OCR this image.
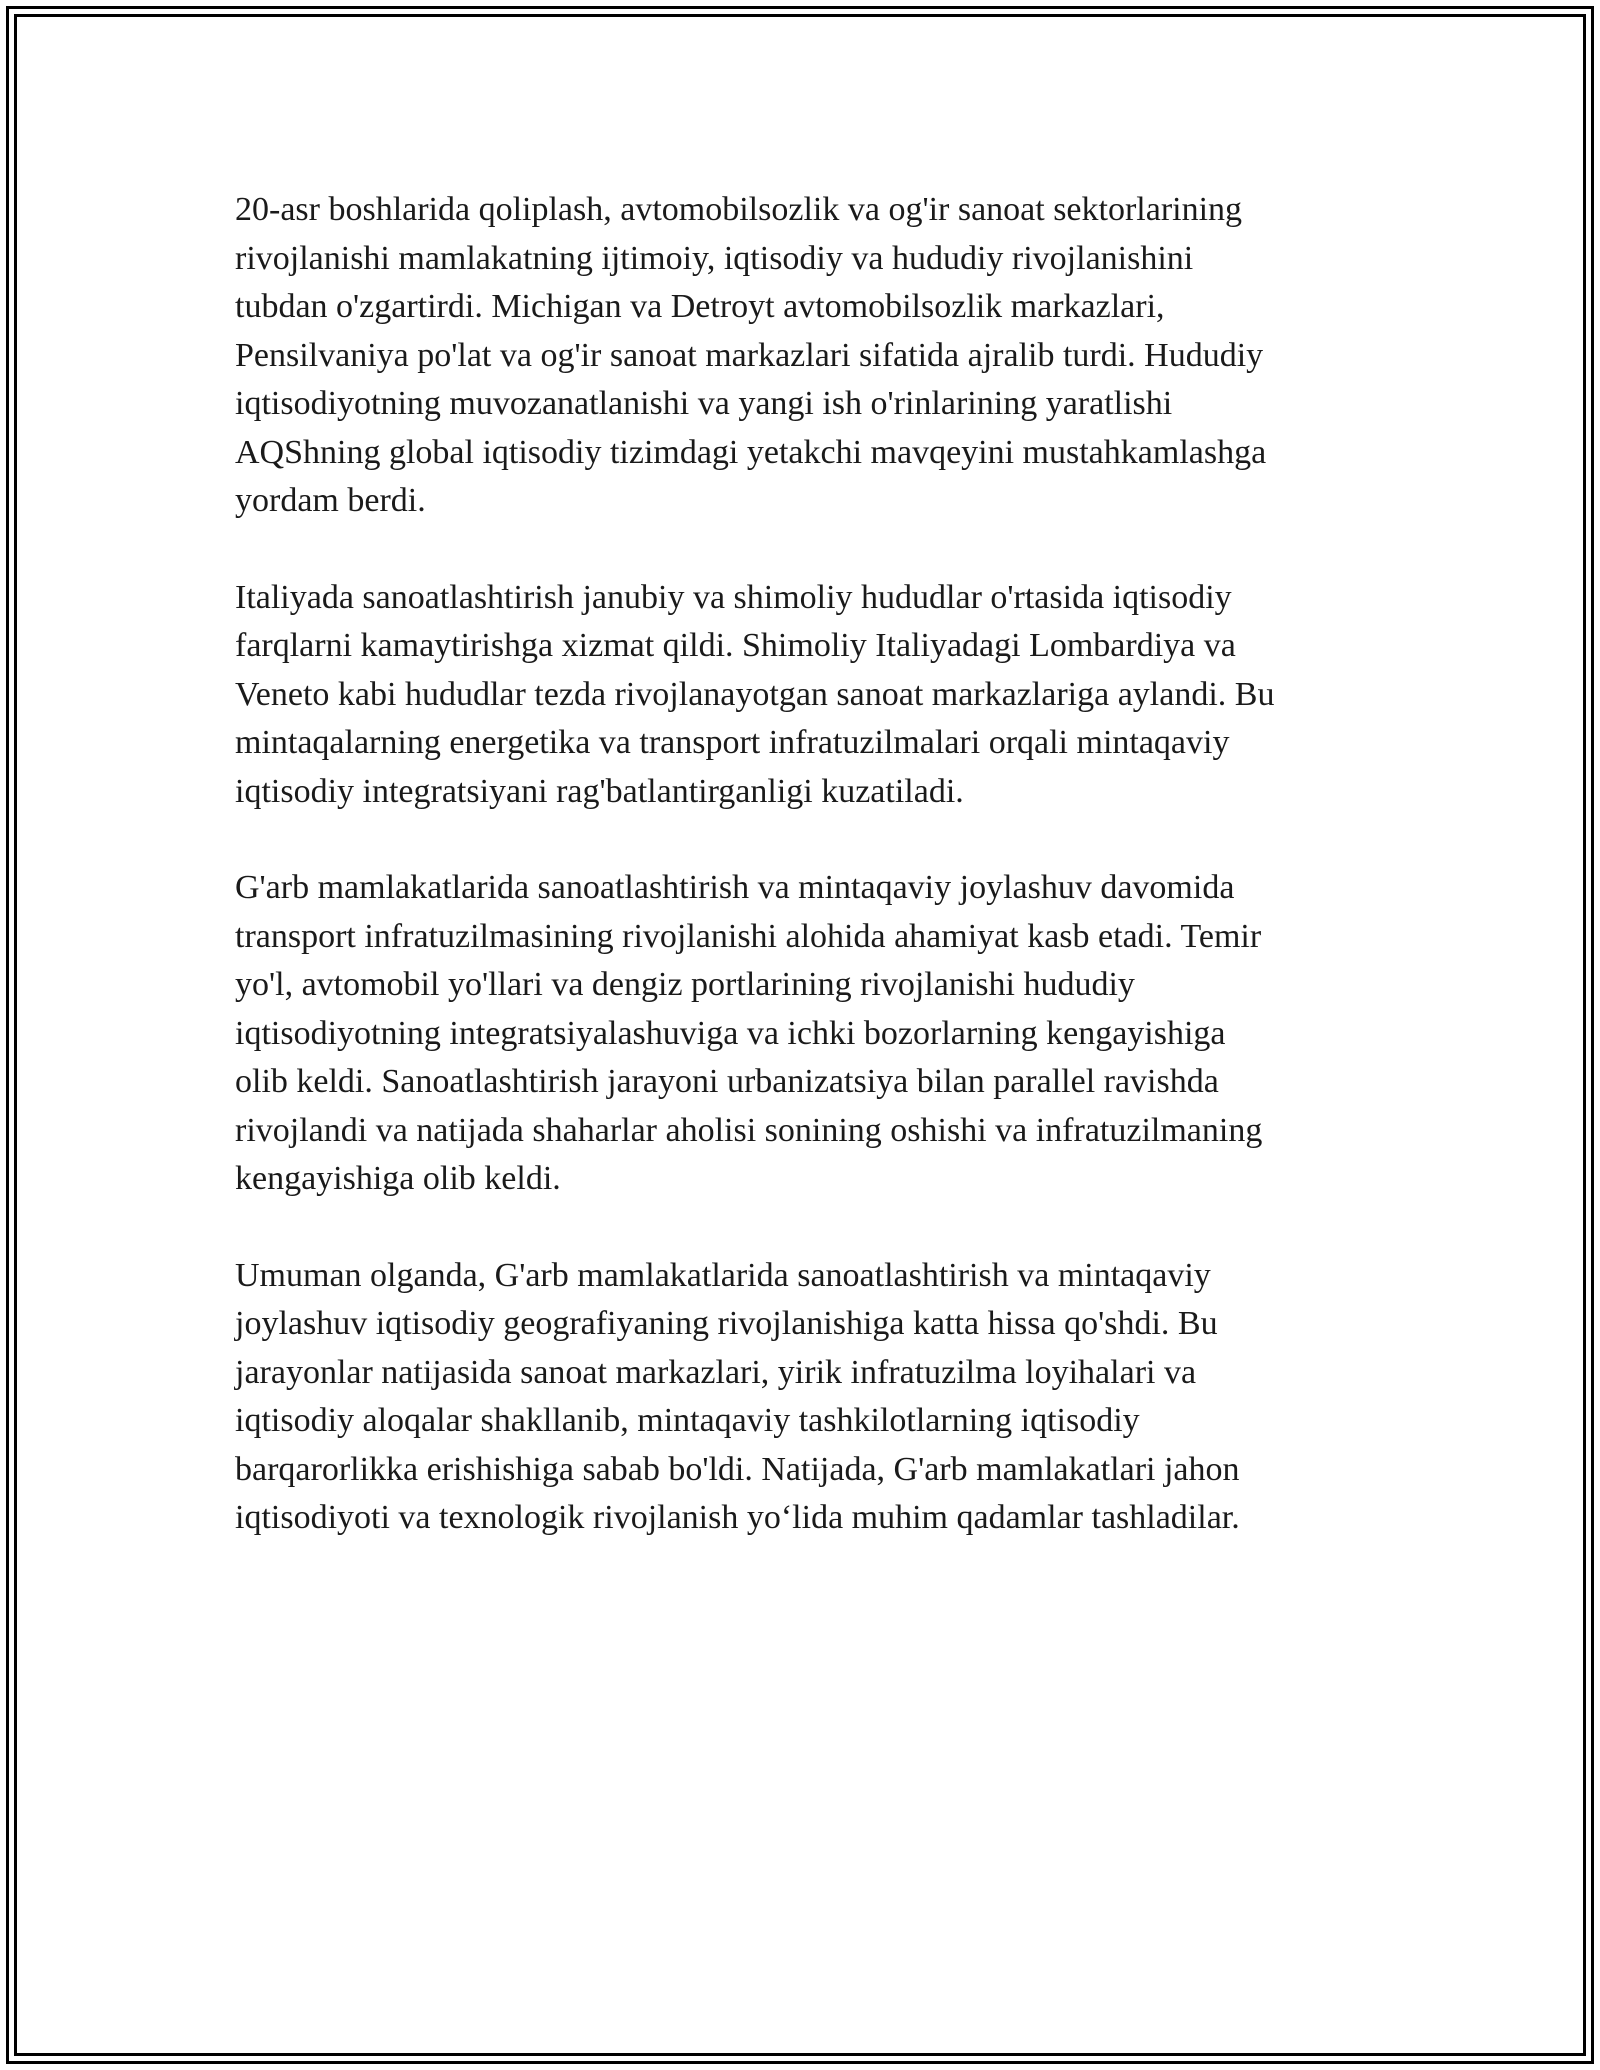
20-asr boshlarida qoliplash, avtomobilsozlik va og'ir sanoat sektorlarining
rivojlanishi mamlakatning ijtimoiy, iqtisodiy va hududiy rivojlanishini
tubdan o'zgartirdi. Michigan va Detroyt avtomobilsozlik markazlari,
Pensilvaniya po'lat va og'ir sanoat markazlari sifatida ajralib turdi. Hududiy
iqtisodiyotning muvozanatlanishi va yangi ish o'rinlarining yaratlishi
AQShning global iqtisodiy tizimdagi yetakchi mavqeyini mustahkamlashga
yordam berdi.

Italiyada sanoatlashtirish janubiy va shimoliy hududlar o'rtasida iqtisodiy
farqlarni kamaytirishga xizmat qildi. Shimoliy Italiyadagi Lombardiya va
Veneto kabi hududlar tezda rivojlanayotgan sanoat markazlariga aylandi. Bu
mintaqalarning energetika va transport infratuzilmalari orqali mintaqaviy
iqtisodiy integratsiyani rag'batlantirganligi kuzatiladi.

G'arb mamlakatlarida sanoatlashtirish va mintaqaviy joylashuv davomida
transport infratuzilmasining rivojlanishi alohida ahamiyat kasb etadi. Temir
yo'l, avtomobil yo'llari va dengiz portlarining rivojlanishi hududiy
iqtisodiyotning integratsiyalashuviga va ichki bozorlarning kengayishiga
olib keldi. Sanoatlashtirish jarayoni urbanizatsiya bilan parallel ravishda
rivojlandi va natijada shaharlar aholisi sonining oshishi va infratuzilmaning
kengayishiga olib keldi.

Umuman olganda, G'arb mamlakatlarida sanoatlashtirish va mintaqaviy
joylashuv iqtisodiy geografiyaning rivojlanishiga katta hissa qo'shdi. Bu
jarayonlar natijasida sanoat markazlari, yirik infratuzilma loyihalari va
iqtisodiy aloqalar shakllanib, mintaqaviy tashkilotlarning iqtisodiy
barqarorlikka erishishiga sabab bo'ldi. Natijada, G'arb mamlakatlari jahon
iqtisodiyoti va texnologik rivojlanish yo‘lida muhim qadamlar tashladilar.
